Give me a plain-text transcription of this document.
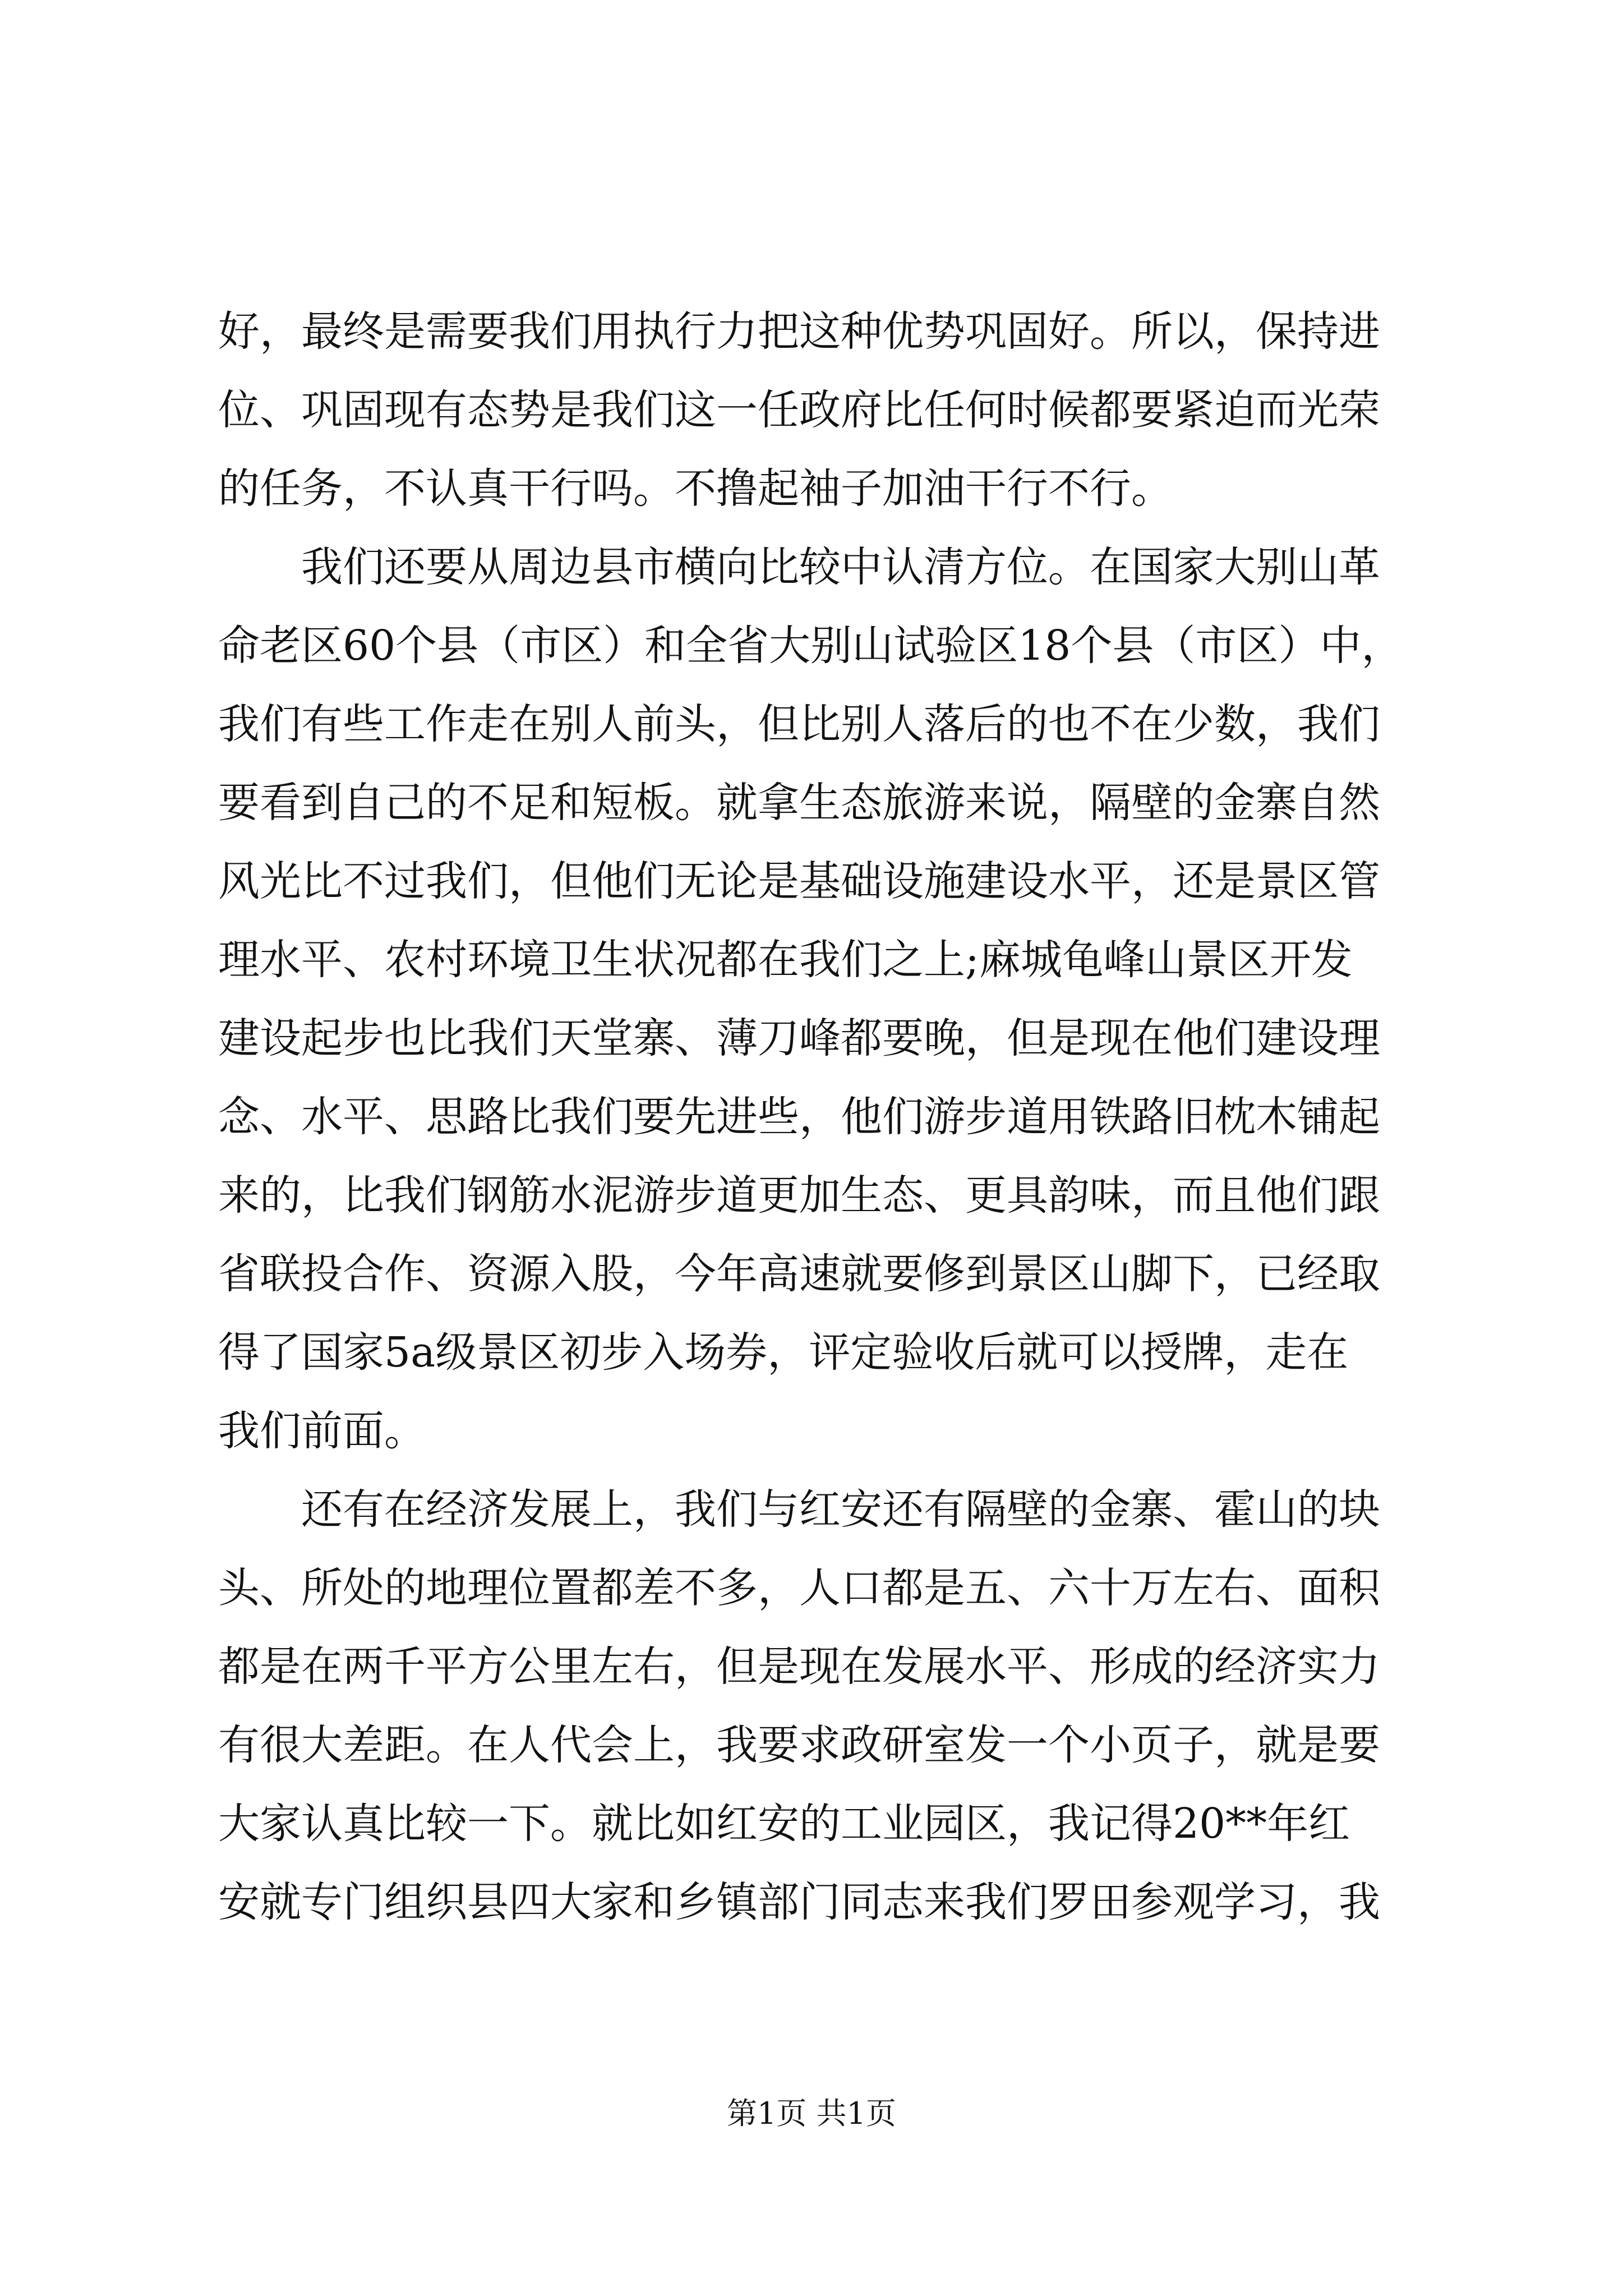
好，最终是需要我们用执行力把这种优势巩固好。所以，保持进
位、巩固现有态势是我们这一任政府比任何时候都要紧迫而光荣
的任务，不认真干行吗。不撸起袖子加油干行不行。
我们还要从周边县市横向比较中认清方位。在国家大别山革
命老区60个县（市区）和全省大别山试验区18个县（市区）中，
我们有些工作走在别人前头，但比别人落后的也不在少数，我们
要看到自己的不足和短板。就拿生态旅游来说，隔壁的金寨自然
风光比不过我们，但他们无论是基础设施建设水平，还是景区管
理水平、农村环境卫生状况都在我们之上;麻城龟峰山景区开发
建设起步也比我们天堂寨、薄刀峰都要晚，但是现在他们建设理
念、水平、思路比我们要先进些，他们游步道用铁路旧枕木铺起
来的，比我们钢筋水泥游步道更加生态、更具韵味，而且他们跟
省联投合作、资源入股，今年高速就要修到景区山脚下，已经取
得了国家5a级景区初步入场券，评定验收后就可以授牌，走在
我们前面。
还有在经济发展上，我们与红安还有隔壁的金寨、霍山的块
头、所处的地理位置都差不多，人口都是五、六十万左右、面积
都是在两千平方公里左右，但是现在发展水平、形成的经济实力
有很大差距。在人代会上，我要求政研室发一个小页子，就是要
大家认真比较一下。就比如红安的工业园区，我记得20**年红
安就专门组织县四大家和乡镇部门同志来我们罗田参观学习，我
第1页 共1页
